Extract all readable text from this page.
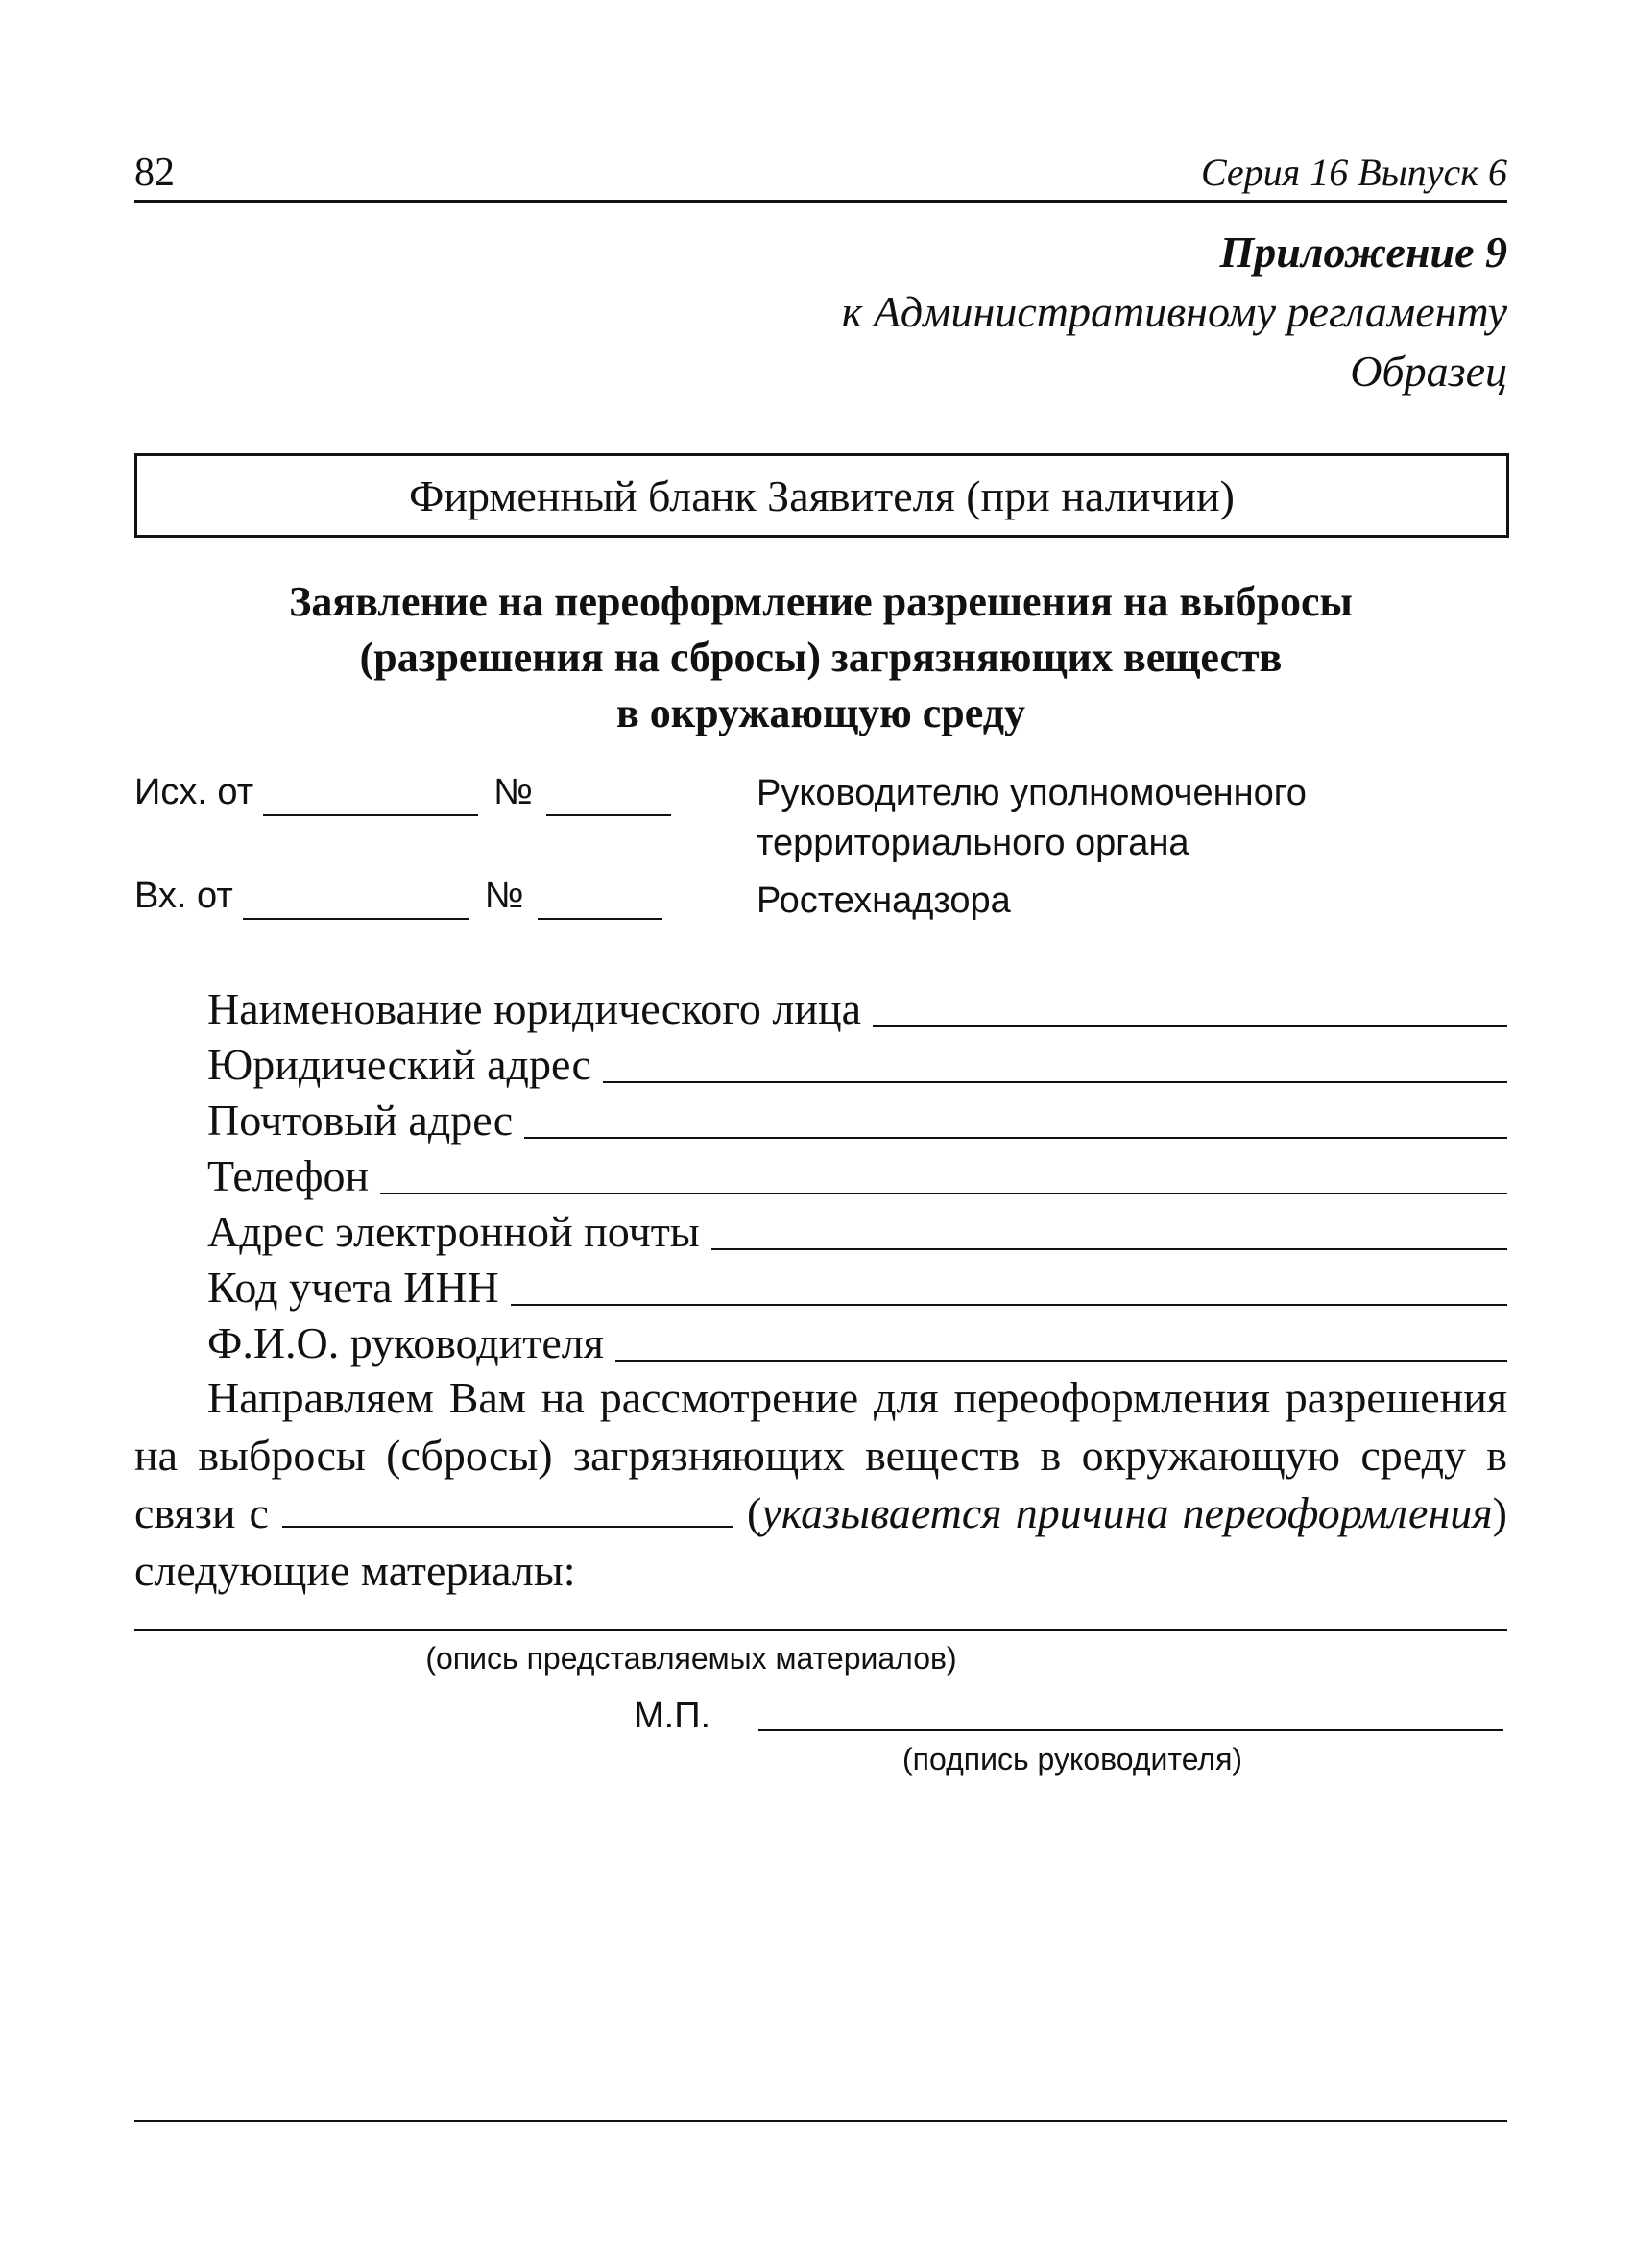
82	Серия 16 Выпуск 6
Приложение 9
к Административному регламенту
Образец
Фирменный бланк Заявителя (при наличии)
Заявление на переоформление разрешения на выбросы
(разрешения на сбросы) загрязняющих веществ
в окружающую среду
Исх. от	№
Вх. от	№
Руководителю уполномоченного
территориального органа
Ростехнадзора
Наименование юридического лица
Юридический адрес
Почтовый адрес
Телефон
Адрес электронной почты
Код учета ИНН
Ф.И.О. руководителя
Направляем Вам на рассмотрение для переоформления разрешения на выбросы (сбросы) загрязняющих веществ в окружающую среду в связи с	(указывается причина переоформления) следующие материалы:
(опись представляемых материалов)
М.П.
(подпись руководителя)
